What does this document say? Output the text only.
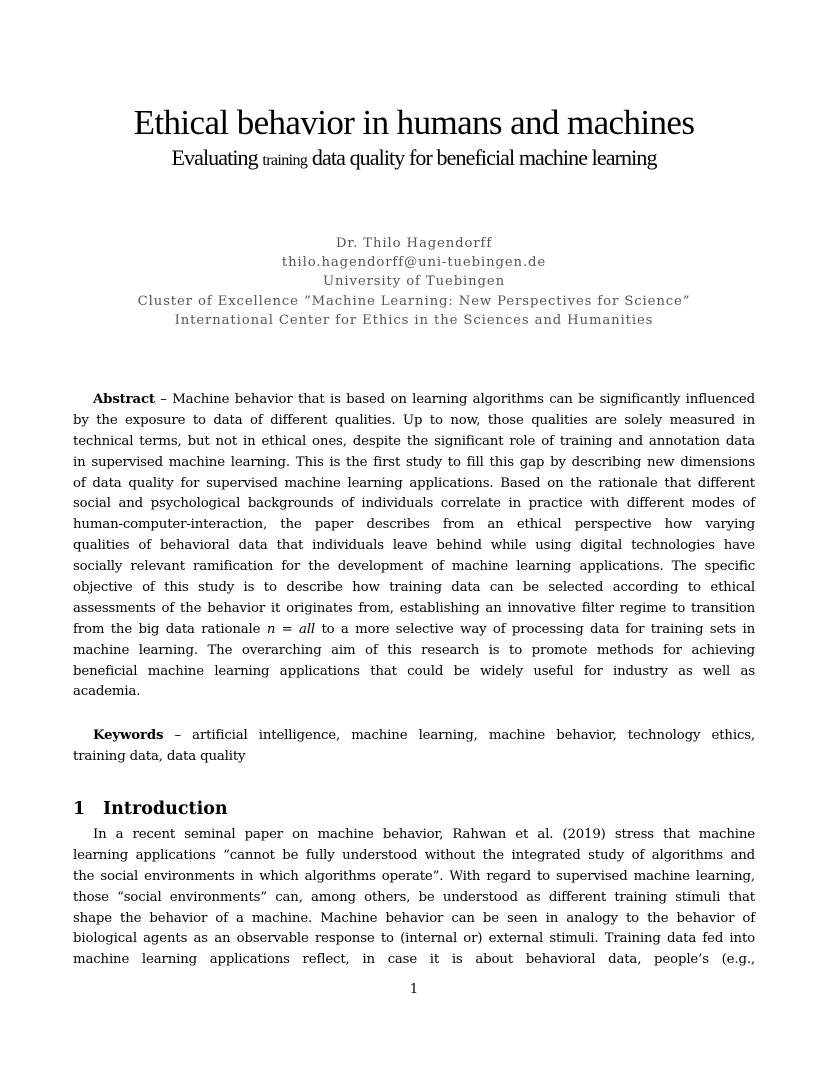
Ethical behavior in humans and machines
Evaluating training data quality for beneficial machine learning
Dr. Thilo Hagendorff
thilo.hagendorff@uni-tuebingen.de
University of Tuebingen
Cluster of Excellence “Machine Learning: New Perspectives for Science”
International Center for Ethics in the Sciences and Humanities
Abstract – Machine behavior that is based on learning algorithms can be significantly influenced
by the exposure to data of different qualities. Up to now, those qualities are solely measured in
technical terms, but not in ethical ones, despite the significant role of training and annotation data
in supervised machine learning. This is the first study to fill this gap by describing new dimensions
of data quality for supervised machine learning applications. Based on the rationale that different
social and psychological backgrounds of individuals correlate in practice with different modes of
human-computer-interaction, the paper describes from an ethical perspective how varying
qualities of behavioral data that individuals leave behind while using digital technologies have
socially relevant ramification for the development of machine learning applications. The specific
objective of this study is to describe how training data can be selected according to ethical
assessments of the behavior it originates from, establishing an innovative filter regime to transition
from the big data rationale n = all to a more selective way of processing data for training sets in
machine learning. The overarching aim of this research is to promote methods for achieving
beneficial machine learning applications that could be widely useful for industry as well as
academia.
Keywords – artificial intelligence, machine learning, machine behavior, technology ethics,
training data, data quality
1 Introduction
In a recent seminal paper on machine behavior, Rahwan et al. (2019) stress that machine
learning applications “cannot be fully understood without the integrated study of algorithms and
the social environments in which algorithms operate”. With regard to supervised machine learning,
those “social environments” can, among others, be understood as different training stimuli that
shape the behavior of a machine. Machine behavior can be seen in analogy to the behavior of
biological agents as an observable response to (internal or) external stimuli. Training data fed into
machine learning applications reflect, in case it is about behavioral data, people’s (e.g.,
1
